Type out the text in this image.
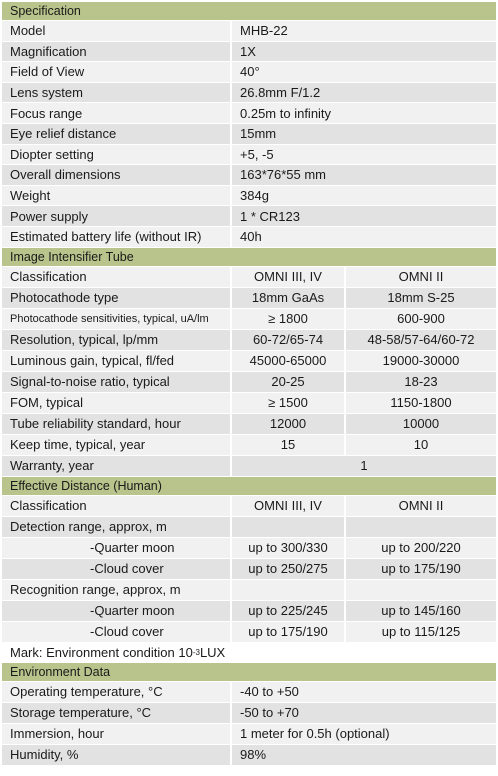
Specification
Model	MHB-22
Magnification	1X
Field of View	40°
Lens system	26.8mm F/1.2
Focus range	0.25m to infinity
Eye relief distance	15mm
Diopter setting	+5, -5
Overall dimensions	163*76*55 mm
Weight	384g
Power supply	1 * CR123
Estimated battery life (without IR)	40h
Image Intensifier Tube
Classification	OMNI III, IV	OMNI II
Photocathode type	18mm GaAs	18mm S-25
Photocathode sensitivities, typical, uA/lm	≥ 1800	600-900
Resolution, typical, lp/mm	60-72/65-74	48-58/57-64/60-72
Luminous gain, typical, fl/fed	45000-65000	19000-30000
Signal-to-noise ratio, typical	20-25	18-23
FOM, typical	≥ 1500	1150-1800
Tube reliability standard, hour	12000	10000
Keep time, typical, year	15	10
Warranty, year	1
Effective Distance (Human)
Classification	OMNI III, IV	OMNI II
Detection range, approx, m
-Quarter moon	up to 300/330	up to 200/220
-Cloud cover	up to 250/275	up to 175/190
Recognition range, approx, m
-Quarter moon	up to 225/245	up to 145/160
-Cloud cover	up to 175/190	up to 115/125
Mark: Environment condition 10 -3 LUX
Environment Data
Operating temperature, °C	-40 to +50
Storage temperature, °C	-50 to +70
Immersion, hour	1 meter for 0.5h (optional)
Humidity, %	98%
